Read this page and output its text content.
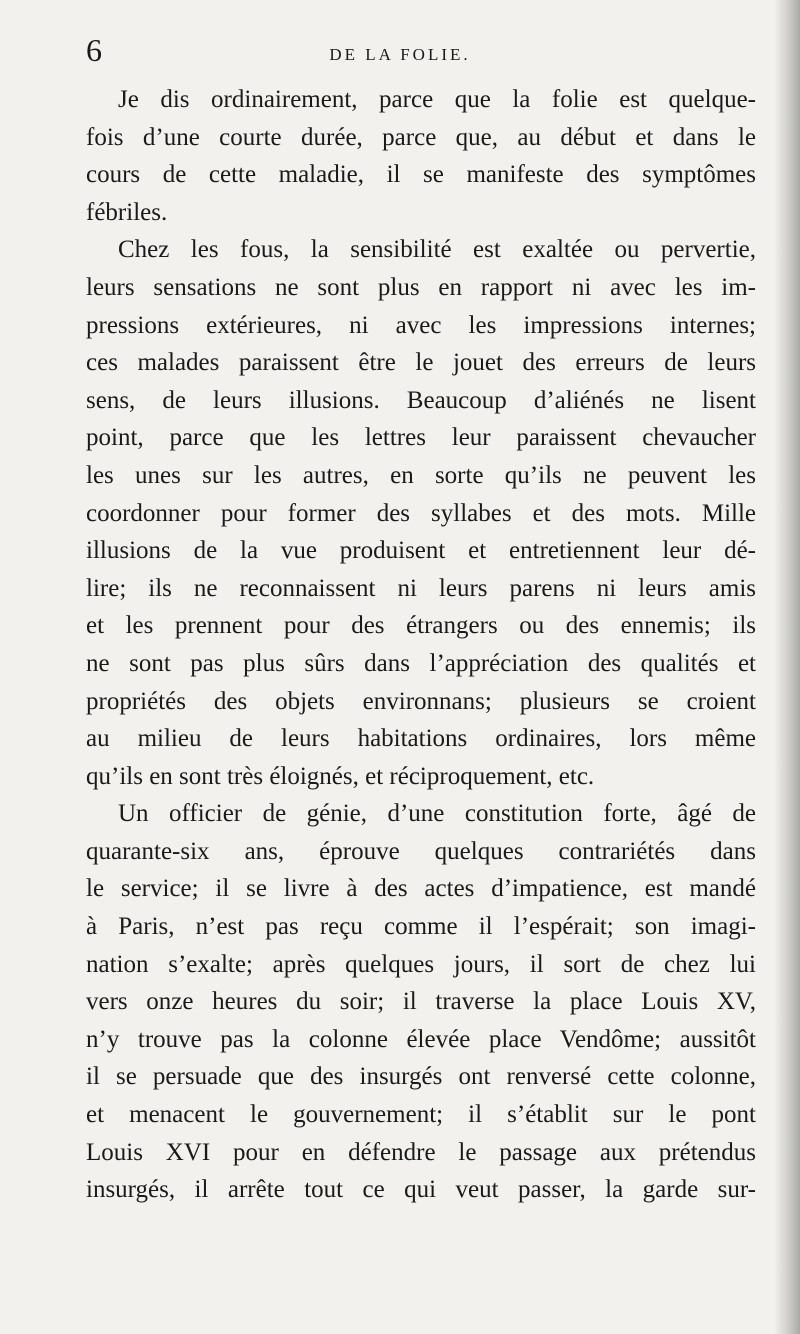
6	DE LA FOLIE.
Je dis ordinairement, parce que la folie est quelque-
fois d’une courte durée, parce que, au début et dans le
cours de cette maladie, il se manifeste des symptômes
fébriles.
Chez les fous, la sensibilité est exaltée ou pervertie,
leurs sensations ne sont plus en rapport ni avec les im-
pressions extérieures, ni avec les impressions internes;
ces malades paraissent être le jouet des erreurs de leurs
sens, de leurs illusions. Beaucoup d’aliénés ne lisent
point, parce que les lettres leur paraissent chevaucher
les unes sur les autres, en sorte qu’ils ne peuvent les
coordonner pour former des syllabes et des mots. Mille
illusions de la vue produisent et entretiennent leur dé-
lire; ils ne reconnaissent ni leurs parens ni leurs amis
et les prennent pour des étrangers ou des ennemis; ils
ne sont pas plus sûrs dans l’appréciation des qualités et
propriétés des objets environnans; plusieurs se croient
au milieu de leurs habitations ordinaires, lors même
qu’ils en sont très éloignés, et réciproquement, etc.
Un officier de génie, d’une constitution forte, âgé de
quarante-six ans, éprouve quelques contrariétés dans
le service; il se livre à des actes d’impatience, est mandé
à Paris, n’est pas reçu comme il l’espérait; son imagi-
nation s’exalte; après quelques jours, il sort de chez lui
vers onze heures du soir; il traverse la place Louis XV,
n’y trouve pas la colonne élevée place Vendôme; aussitôt
il se persuade que des insurgés ont renversé cette colonne,
et menacent le gouvernement; il s’établit sur le pont
Louis XVI pour en défendre le passage aux prétendus
insurgés, il arrête tout ce qui veut passer, la garde sur-
